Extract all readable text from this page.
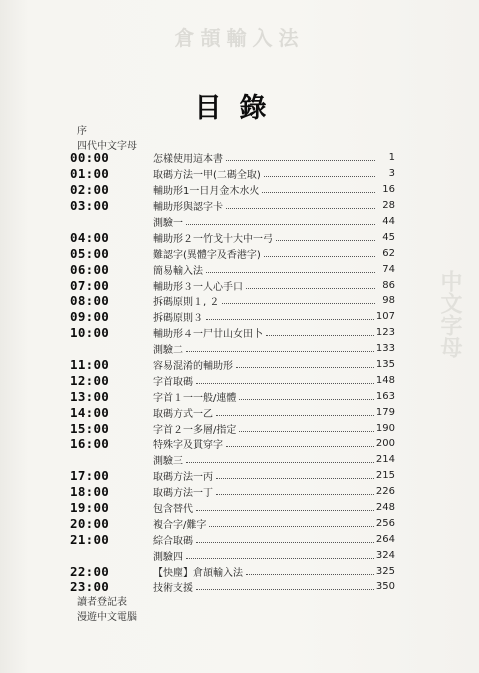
倉頡輸入法
中文字母
目錄
序
四代中文字母
00:00	怎樣使用這本書	1
01:00	取碼方法一甲(二碼全取)	3
02:00	輔助形1一日月金木水火	16
03:00	輔助形與認字卡	28
測驗一	44
04:00	輔助形２一竹戈十大中一弓	45
05:00	難認字(異體字及香港字)	62
06:00	簡易輸入法	74
07:00	輔助形３一人心手口	86
08:00	拆碼原則１, ２	98
09:00	拆碼原則３	107
10:00	輔助形４一尸廿山女田卜	123
測驗二	133
11:00	容易混淆的輔助形	135
12:00	字首取碼	148
13:00	字首１一一般/連體	163
14:00	取碼方式一乙	179
15:00	字首２一多層/指定	190
16:00	特殊字及貫穿字	200
測驗三	214
17:00	取碼方法一丙	215
18:00	取碼方法一丁	226
19:00	包含替代	248
20:00	複合字/難字	256
21:00	綜合取碼	264
測驗四	324
22:00	【快塵】倉頡輸入法	325
23:00	技術支援	350
讀者登記表
漫遊中文電腦
